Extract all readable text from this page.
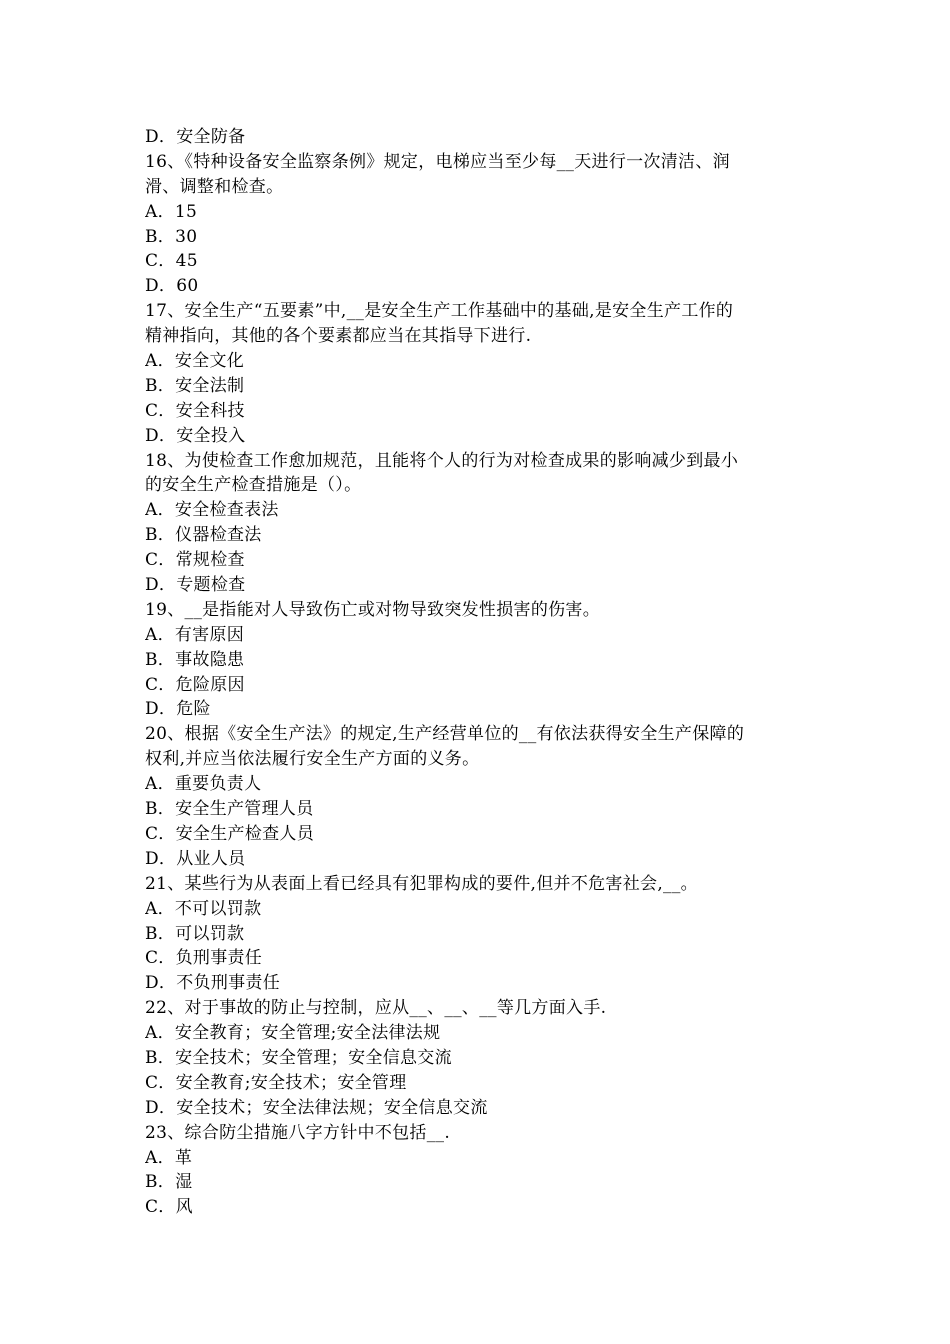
D．安全防备
16、《特种设备安全监察条例》规定，电梯应当至少每__天进行一次清洁、润
滑、调整和检查。
A．15
B．30
C．45
D．60
17、安全生产“五要素”中,__是安全生产工作基础中的基础,是安全生产工作的
精神指向，其他的各个要素都应当在其指导下进行.
A．安全文化
B．安全法制
C．安全科技
D．安全投入
18、为使检查工作愈加规范，且能将个人的行为对检查成果的影响减少到最小
的安全生产检查措施是（）。
A．安全检查表法
B．仪器检查法
C．常规检查
D．专题检查
19、__是指能对人导致伤亡或对物导致突发性损害的伤害。
A．有害原因
B．事故隐患
C．危险原因
D．危险
20、根据《安全生产法》的规定,生产经营单位的__有依法获得安全生产保障的
权利,并应当依法履行安全生产方面的义务。
A．重要负责人
B．安全生产管理人员
C．安全生产检查人员
D．从业人员
21、某些行为从表面上看已经具有犯罪构成的要件,但并不危害社会,__。
A．不可以罚款
B．可以罚款
C．负刑事责任
D．不负刑事责任
22、对于事故的防止与控制，应从__、__、__等几方面入手.
A．安全教育；安全管理;安全法律法规
B．安全技术；安全管理；安全信息交流
C．安全教育;安全技术；安全管理
D．安全技术；安全法律法规；安全信息交流
23、综合防尘措施八字方针中不包括__.
A．革
B．湿
C．风
